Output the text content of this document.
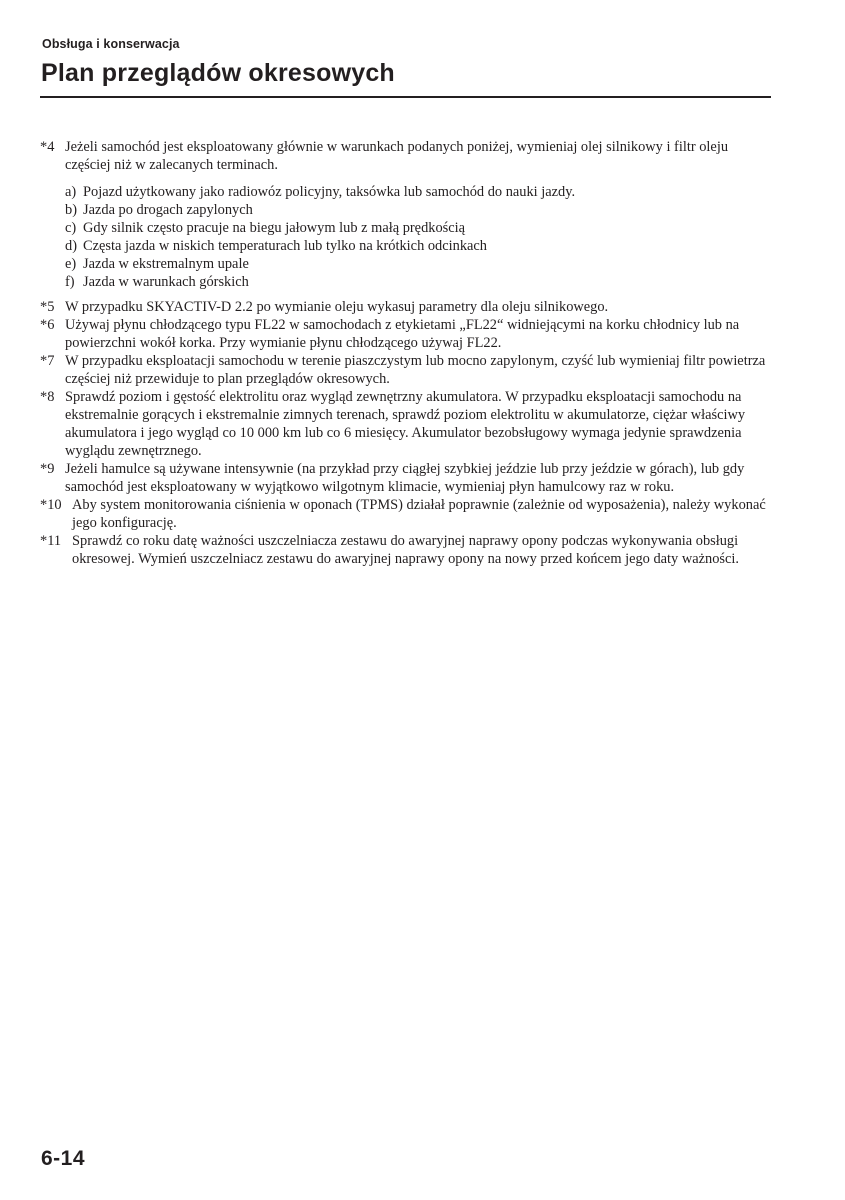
Obsługa i konserwacja
Plan przeglądów okresowych
*4 Jeżeli samochód jest eksploatowany głównie w warunkach podanych poniżej, wymieniaj olej silnikowy i filtr oleju częściej niż w zalecanych terminach.
a) Pojazd użytkowany jako radiowóz policyjny, taksówka lub samochód do nauki jazdy.
b) Jazda po drogach zapylonych
c) Gdy silnik często pracuje na biegu jałowym lub z małą prędkością
d) Częsta jazda w niskich temperaturach lub tylko na krótkich odcinkach
e) Jazda w ekstremalnym upale
f) Jazda w warunkach górskich
*5 W przypadku SKYACTIV-D 2.2 po wymianie oleju wykasuj parametry dla oleju silnikowego.
*6 Używaj płynu chłodzącego typu FL22 w samochodach z etykietami „FL22“ widniejącymi na korku chłodnicy lub na powierzchni wokół korka. Przy wymianie płynu chłodzącego używaj FL22.
*7 W przypadku eksploatacji samochodu w terenie piaszczystym lub mocno zapylonym, czyść lub wymieniaj filtr powietrza częściej niż przewiduje to plan przeglądów okresowych.
*8 Sprawdź poziom i gęstość elektrolitu oraz wygląd zewnętrzny akumulatora. W przypadku eksploatacji samochodu na ekstremalnie gorących i ekstremalnie zimnych terenach, sprawdź poziom elektrolitu w akumulatorze, ciężar właściwy akumulatora i jego wygląd co 10 000 km lub co 6 miesięcy. Akumulator bezobsługowy wymaga jedynie sprawdzenia wyglądu zewnętrznego.
*9 Jeżeli hamulce są używane intensywnie (na przykład przy ciągłej szybkiej jeździe lub przy jeździe w górach), lub gdy samochód jest eksploatowany w wyjątkowo wilgotnym klimacie, wymieniaj płyn hamulcowy raz w roku.
*10 Aby system monitorowania ciśnienia w oponach (TPMS) działał poprawnie (zależnie od wyposażenia), należy wykonać jego konfigurację.
*11 Sprawdź co roku datę ważności uszczelniacza zestawu do awaryjnej naprawy opony podczas wykonywania obsługi okresowej. Wymień uszczelniacz zestawu do awaryjnej naprawy opony na nowy przed końcem jego daty ważności.
6-14
